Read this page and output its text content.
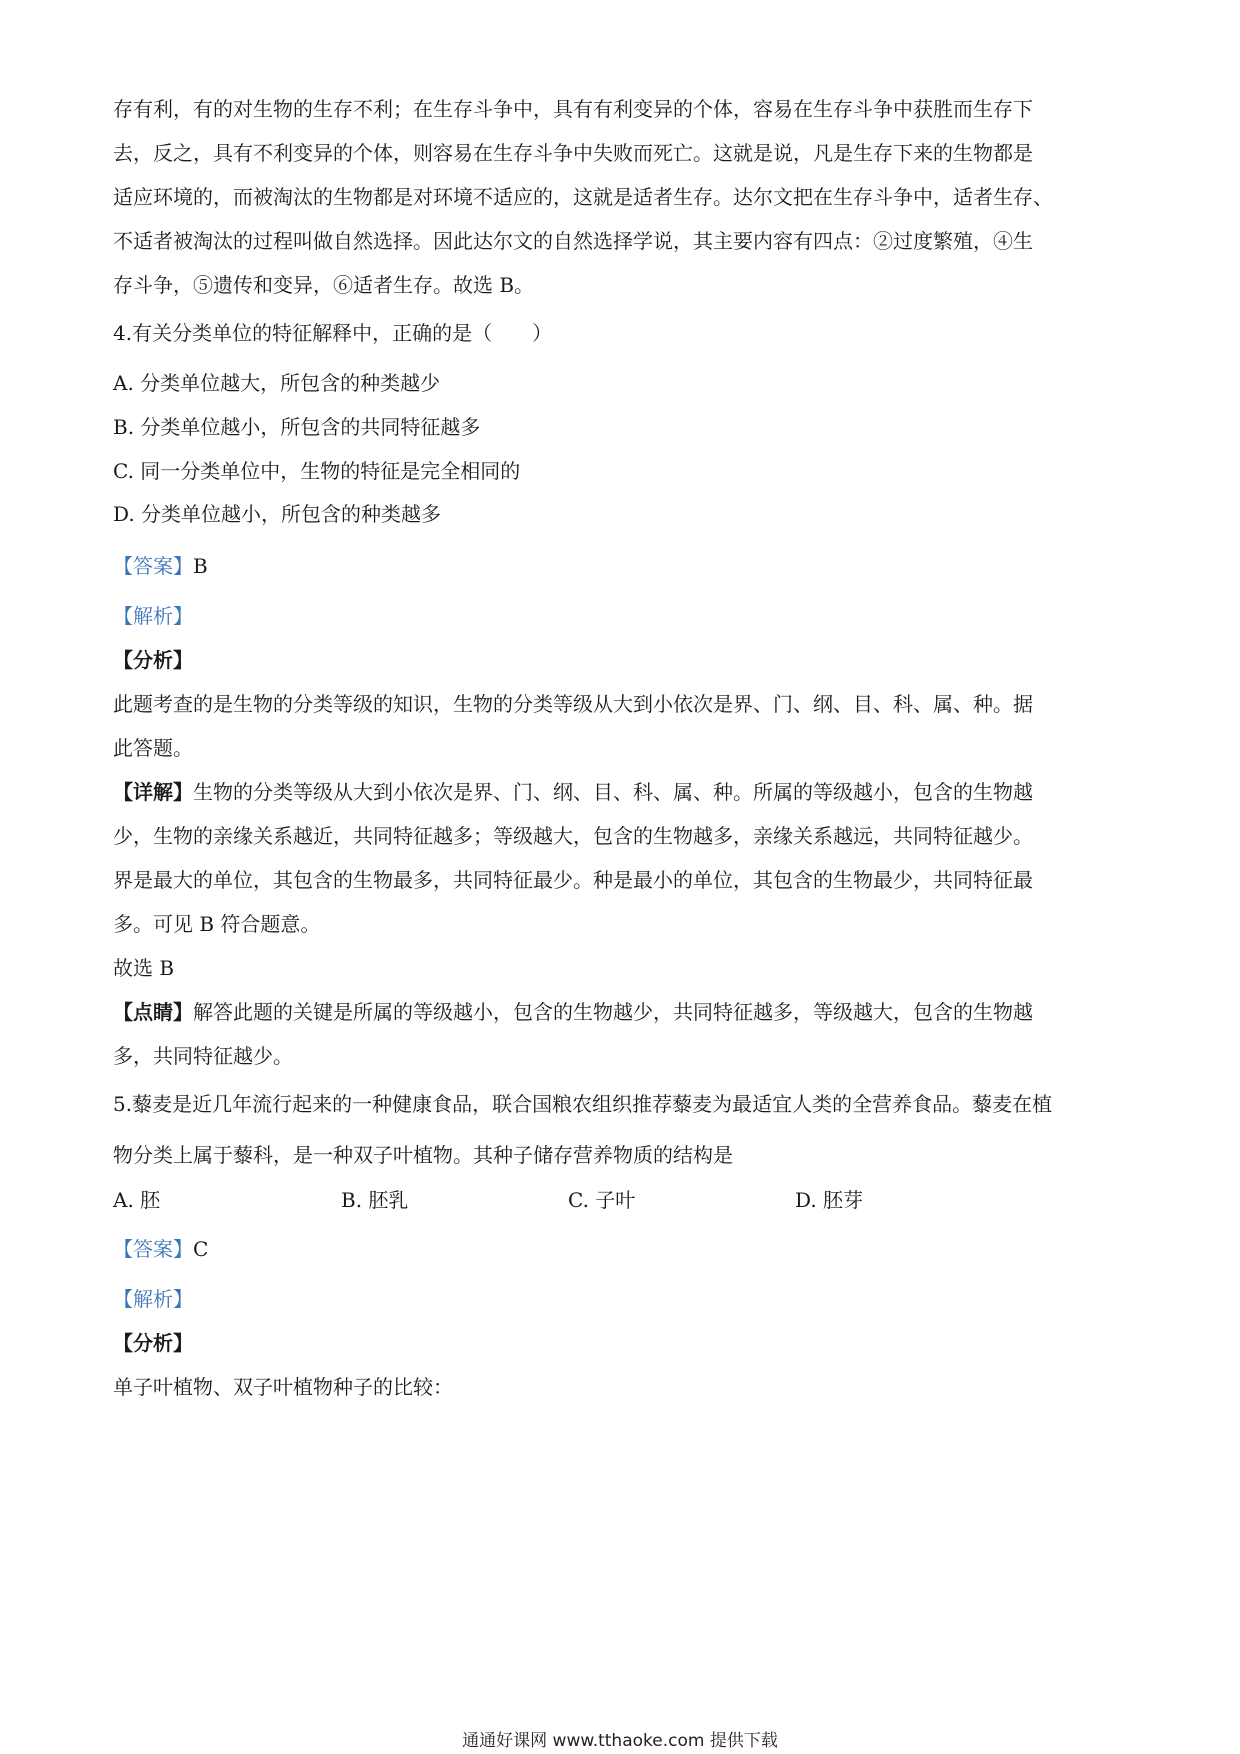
存有利，有的对生物的生存不利；在生存斗争中，具有有利变异的个体，容易在生存斗争中获胜而生存下
去，反之，具有不利变异的个体，则容易在生存斗争中失败而死亡。这就是说，凡是生存下来的生物都是
适应环境的，而被淘汰的生物都是对环境不适应的，这就是适者生存。达尔文把在生存斗争中，适者生存、
不适者被淘汰的过程叫做自然选择。因此达尔文的自然选择学说，其主要内容有四点：②过度繁殖，④生
存斗争，⑤遗传和变异，⑥适者生存。故选 B。
4.有关分类单位的特征解释中，正确的是（　　）
A. 分类单位越大，所包含的种类越少
B. 分类单位越小，所包含的共同特征越多
C. 同一分类单位中，生物的特征是完全相同的
D. 分类单位越小，所包含的种类越多
【答案】B
【解析】
【分析】
此题考查的是生物的分类等级的知识，生物的分类等级从大到小依次是界、门、纲、目、科、属、种。据
此答题。
【详解】生物的分类等级从大到小依次是界、门、纲、目、科、属、种。所属的等级越小，包含的生物越
少，生物的亲缘关系越近，共同特征越多；等级越大，包含的生物越多，亲缘关系越远，共同特征越少。
界是最大的单位，其包含的生物最多，共同特征最少。种是最小的单位，其包含的生物最少，共同特征最
多。可见 B 符合题意。
故选 B
【点睛】解答此题的关键是所属的等级越小，包含的生物越少，共同特征越多，等级越大，包含的生物越
多，共同特征越少。
5.藜麦是近几年流行起来的一种健康食品，联合国粮农组织推荐藜麦为最适宜人类的全营养食品。藜麦在植
物分类上属于藜科，是一种双子叶植物。其种子储存营养物质的结构是
A. 胚	B. 胚乳	C. 子叶	D. 胚芽
【答案】C
【解析】
【分析】
单子叶植物、双子叶植物种子的比较：
通通好课网 www.tthaoke.com 提供下载
